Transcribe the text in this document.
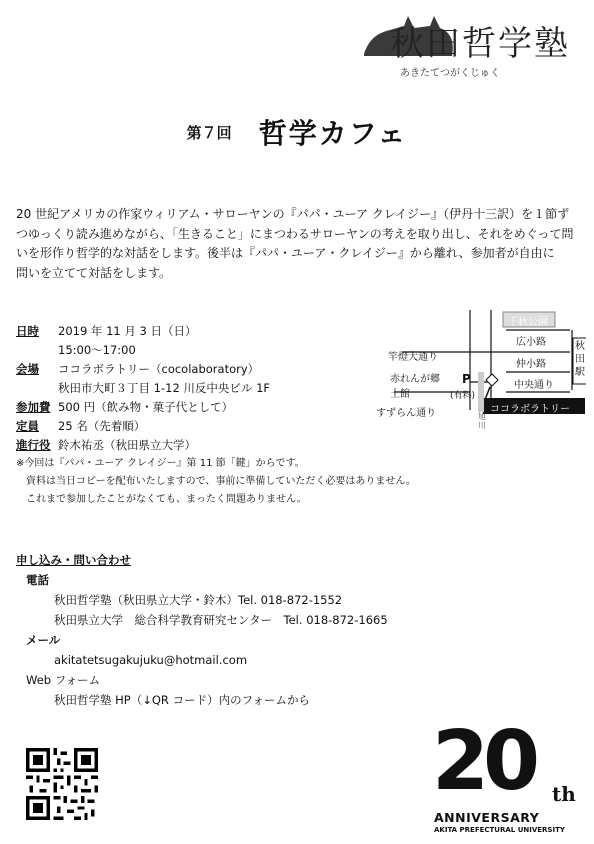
秋田哲学塾
あきたてつがくじゅく
第７回 哲学カフェ
20 世紀アメリカの作家ウィリアム・サローヤンの『パパ・ユーア クレイジー』（伊丹十三訳）を１節ず
つゆっくり読み進めながら、「生きること」にまつわるサローヤンの考えを取り出し、それをめぐって問
いを形作り哲学的な対話をします。後半は『パパ・ユーア・クレイジー』から離れ、参加者が自由に
問いを立てて対話をします。
日時	2019 年 11 月 3 日（日）
15:00～17:00
会場	ココラボラトリー（cocolaboratory）
秋田市大町３丁目 1-12 川反中央ビル 1F
参加費 500 円（飲み物・菓子代として）
定員	25 名（先着順）
進行役 鈴木祐丞（秋田県立大学）
※今回は『パパ・ユーア クレイジー』第 11 節「鍵」からです。
資料は当日コピーを配布いたしますので、事前に準備していただく必要はありません。
これまで参加したことがなくても、まったく問題ありません。
千秋公園
竿燈大通り
広小路
仲小路
中央通り
すずらん通り
秋田駅
赤れんが郷土館
P
(有料)
旭川
ココラボラトリー
申し込み・問い合わせ
電話
秋田哲学塾（秋田県立大学・鈴木）Tel. 018-872-1552
秋田県立大学　総合科学教育研究センター　Tel. 018-872-1665
メール
akitatetsugakujuku@hotmail.com
Web フォーム
秋田哲学塾 HP（↓QR コード）内のフォームから
20 th
ANNIVERSARY
AKITA PREFECTURAL UNIVERSITY
